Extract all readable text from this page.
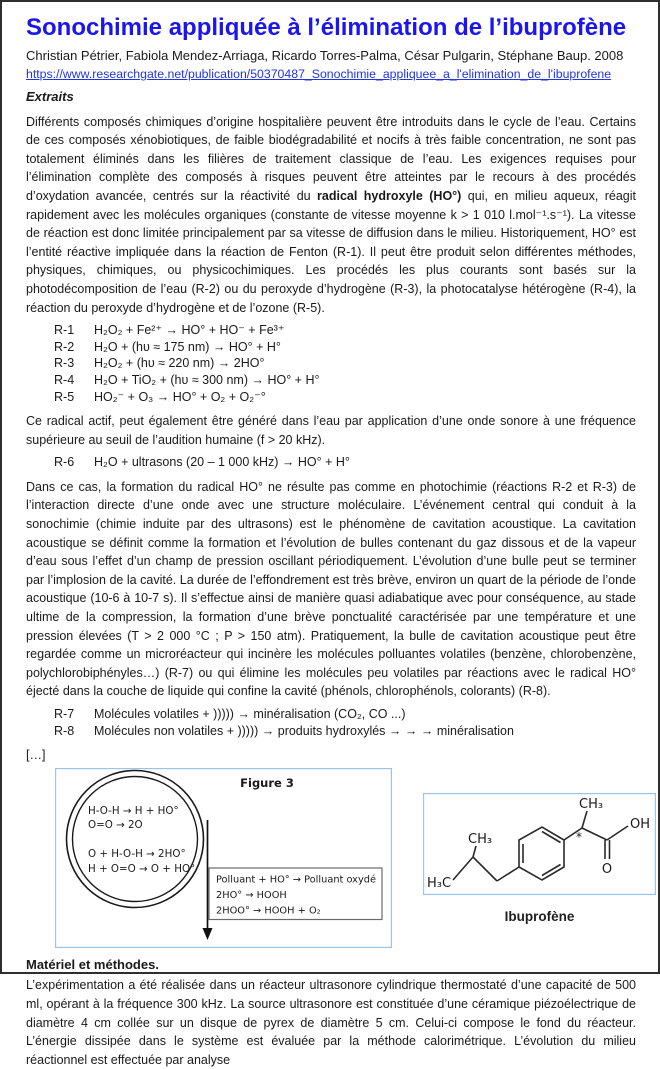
Sonochimie appliquée à l’élimination de l’ibuprofène
Christian Pétrier, Fabiola Mendez-Arriaga, Ricardo Torres-Palma, César Pulgarin, Stéphane Baup. 2008
https://www.researchgate.net/publication/50370487_Sonochimie_appliquee_a_l'elimination_de_l'ibuprofene
Extraits

Différents composés chimiques d’origine hospitalière peuvent être introduits dans le cycle de l’eau. Certains de ces composés xénobiotiques, de faible biodégradabilité et nocifs à très faible concentration, ne sont pas totalement éliminés dans les filières de traitement classique de l’eau. Les exigences requises pour l’élimination complète des composés à risques peuvent être atteintes par le recours à des procédés d’oxydation avancée, centrés sur la réactivité du radical hydroxyle (HO°) qui, en milieu aqueux, réagit rapidement avec les molécules organiques (constante de vitesse moyenne k > 1 010 l.mol⁻¹.s⁻¹). La vitesse de réaction est donc limitée principalement par sa vitesse de diffusion dans le milieu. Historiquement, HO° est l’entité réactive impliquée dans la réaction de Fenton (R-1). Il peut être produit selon différentes méthodes, physiques, chimiques, ou physicochimiques. Les procédés les plus courants sont basés sur la photodécomposition de l’eau (R-2) ou du peroxyde d’hydrogène (R-3), la photocatalyse hétérogène (R-4), la réaction du peroxyde d’hydrogène et de l’ozone (R-5).

R-1 H₂O₂ + Fe²⁺ → HO° + HO⁻ + Fe³⁺
R-2 H₂O + (hυ ≈ 175 nm) → HO° + H°
R-3 H₂O₂ + (hυ ≈ 220 nm) → 2HO°
R-4 H₂O + TiO₂ + (hυ ≈ 300 nm) → HO° + H°
R-5 HO₂⁻ + O₃ → HO° + O₂ + O₂⁻°

Ce radical actif, peut également être généré dans l’eau par application d’une onde sonore à une fréquence supérieure au seuil de l’audition humaine (f > 20 kHz).

R-6 H₂O + ultrasons (20 – 1 000 kHz) → HO° + H°

Dans ce cas, la formation du radical HO° ne résulte pas comme en photochimie (réactions R-2 et R-3) de l’interaction directe d’une onde avec une structure moléculaire. L’événement central qui conduit à la sonochimie (chimie induite par des ultrasons) est le phénomène de cavitation acoustique. La cavitation acoustique se définit comme la formation et l’évolution de bulles contenant du gaz dissous et de la vapeur d’eau sous l’effet d’un champ de pression oscillant périodiquement. L’évolution d’une bulle peut se terminer par l’implosion de la cavité. La durée de l’effondrement est très brève, environ un quart de la période de l’onde acoustique (10-6 à 10-7 s). Il s’effectue ainsi de manière quasi adiabatique avec pour conséquence, au stade ultime de la compression, la formation d’une brève ponctualité caractérisée par une température et une pression élevées (T > 2 000 °C ; P > 150 atm). Pratiquement, la bulle de cavitation acoustique peut être regardée comme un microréacteur qui incinère les molécules polluantes volatiles (benzène, chlorobenzène, polychlorobiphényles…) (R-7) ou qui élimine les molécules peu volatiles par réactions avec le radical HO° éjecté dans la couche de liquide qui confine la cavité (phénols, chlorophénols, colorants) (R-8).

R-7 Molécules volatiles + ))))) → minéralisation (CO₂, CO ...)
R-8 Molécules non volatiles + ))))) → produits hydroxylés → → → minéralisation
[…]
Figure 3
H-O-H → H + HO°
O=O → 2O
O + H-O-H → 2HO°
H + O=O → O + HO°
Polluant + HO° → Polluant oxydé
2HO° → HOOH
2HOO° → HOOH + O₂
H₃C
CH₃
CH₃
*
O
OH
Ibuprofène
Matériel et méthodes.

L’expérimentation a été réalisée dans un réacteur ultrasonore cylindrique thermostaté d’une capacité de 500 ml, opérant à la fréquence 300 kHz. La source ultrasonore est constituée d’une céramique piézoélectrique de diamètre 4 cm collée sur un disque de pyrex de diamètre 5 cm. Celui-ci compose le fond du réacteur. L’énergie dissipée dans le système est évaluée par la méthode calorimétrique. L’évolution du milieu réactionnel est effectuée par analyse
